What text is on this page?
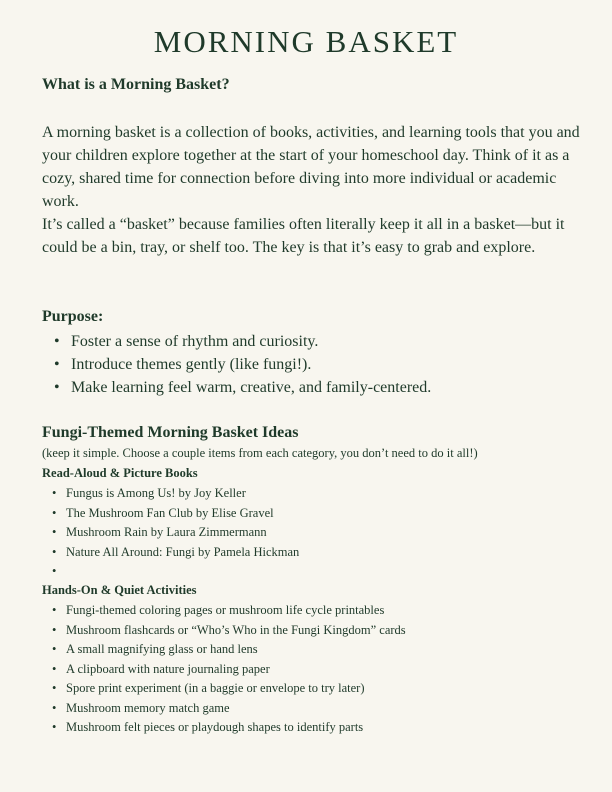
MORNING BASKET
What is a Morning Basket?

A morning basket is a collection of books, activities, and learning tools that you and your children explore together at the start of your homeschool day. Think of it as a cozy, shared time for connection before diving into more individual or academic work.

It’s called a “basket” because families often literally keep it all in a basket—but it could be a bin, tray, or shelf too. The key is that it’s easy to grab and explore.

Purpose:
• Foster a sense of rhythm and curiosity.
• Introduce themes gently (like fungi!).
• Make learning feel warm, creative, and family-centered.
Fungi-Themed Morning Basket Ideas

(keep it simple. Choose a couple items from each category, you don’t need to do it all!)

Read-Aloud & Picture Books
• Fungus is Among Us! by Joy Keller
• The Mushroom Fan Club by Elise Gravel
• Mushroom Rain by Laura Zimmermann
• Nature All Around: Fungi by Pamela Hickman
•
Hands-On & Quiet Activities
• Fungi-themed coloring pages or mushroom life cycle printables
• Mushroom flashcards or “Who’s Who in the Fungi Kingdom” cards
• A small magnifying glass or hand lens
• A clipboard with nature journaling paper
• Spore print experiment (in a baggie or envelope to try later)
• Mushroom memory match game
• Mushroom felt pieces or playdough shapes to identify parts
